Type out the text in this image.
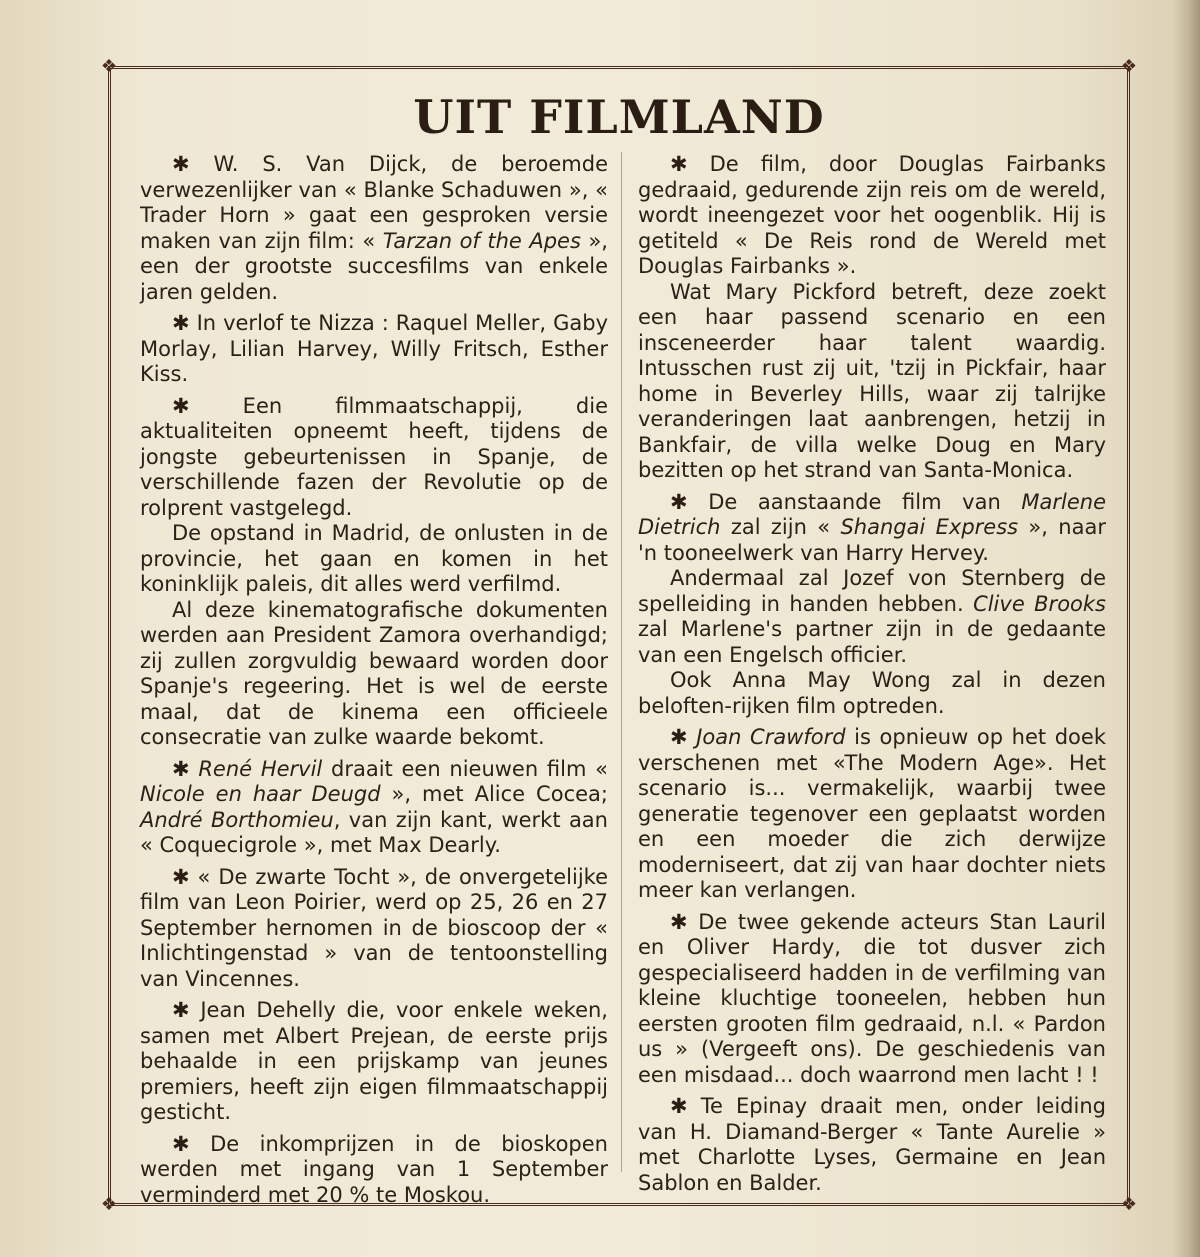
❖	❖
❖	❖
UIT FILMLAND

✱ W. S. Van Dijck, de beroemde verwezenlijker van « Blanke Schaduwen », « Trader Horn » gaat een gesproken versie maken van zijn film: « Tarzan of the Apes », een der grootste succesfilms van enkele jaren gelden.

✱ In verlof te Nizza : Raquel Meller, Gaby Morlay, Lilian Harvey, Willy Fritsch, Esther Kiss.

✱ Een filmmaatschappij, die aktualiteiten opneemt heeft, tijdens de jongste gebeurtenissen in Spanje, de verschillende fazen der Revolutie op de rolprent vastgelegd.

De opstand in Madrid, de onlusten in de provincie, het gaan en komen in het koninklijk paleis, dit alles werd verfilmd.

Al deze kinematografische dokumenten werden aan President Zamora overhandigd; zij zullen zorgvuldig bewaard worden door Spanje's regeering. Het is wel de eerste maal, dat de kinema een officieele consecratie van zulke waarde bekomt.

✱ René Hervil draait een nieuwen film « Nicole en haar Deugd », met Alice Cocea; André Borthomieu, van zijn kant, werkt aan « Coquecigrole », met Max Dearly.

✱ « De zwarte Tocht », de onvergetelijke film van Leon Poirier, werd op 25, 26 en 27 September hernomen in de bioscoop der « Inlichtingenstad » van de tentoonstelling van Vincennes.

✱ Jean Dehelly die, voor enkele weken, samen met Albert Prejean, de eerste prijs behaalde in een prijskamp van jeunes premiers, heeft zijn eigen filmmaatschappij gesticht.

✱ De inkomprijzen in de bioskopen werden met ingang van 1 September verminderd met 20 % te Moskou.

✱ De film, door Douglas Fairbanks gedraaid, gedurende zijn reis om de wereld, wordt ineengezet voor het oogenblik. Hij is getiteld « De Reis rond de Wereld met Douglas Fairbanks ».

Wat Mary Pickford betreft, deze zoekt een haar passend scenario en een insceneerder haar talent waardig. Intusschen rust zij uit, 'tzij in Pickfair, haar home in Beverley Hills, waar zij talrijke veranderingen laat aanbrengen, hetzij in Bankfair, de villa welke Doug en Mary bezitten op het strand van Santa-Monica.

✱ De aanstaande film van Marlene Dietrich zal zijn « Shangai Express », naar 'n tooneelwerk van Harry Hervey.

Andermaal zal Jozef von Sternberg de spelleiding in handen hebben. Clive Brooks zal Marlene's partner zijn in de gedaante van een Engelsch officier.

Ook Anna May Wong zal in dezen beloften-rijken film optreden.

✱ Joan Crawford is opnieuw op het doek verschenen met «The Modern Age». Het scenario is... vermakelijk, waarbij twee generatie tegenover een geplaatst worden en een moeder die zich derwijze moderniseert, dat zij van haar dochter niets meer kan verlangen.

✱ De twee gekende acteurs Stan Lauril en Oliver Hardy, die tot dusver zich gespecialiseerd hadden in de verfilming van kleine kluchtige tooneelen, hebben hun eersten grooten film gedraaid, n.l. « Pardon us » (Vergeeft ons). De geschiedenis van een misdaad... doch waarrond men lacht ! !

✱ Te Epinay draait men, onder leiding van H. Diamand-Berger « Tante Aurelie » met Charlotte Lyses, Germaine en Jean Sablon en Balder.
